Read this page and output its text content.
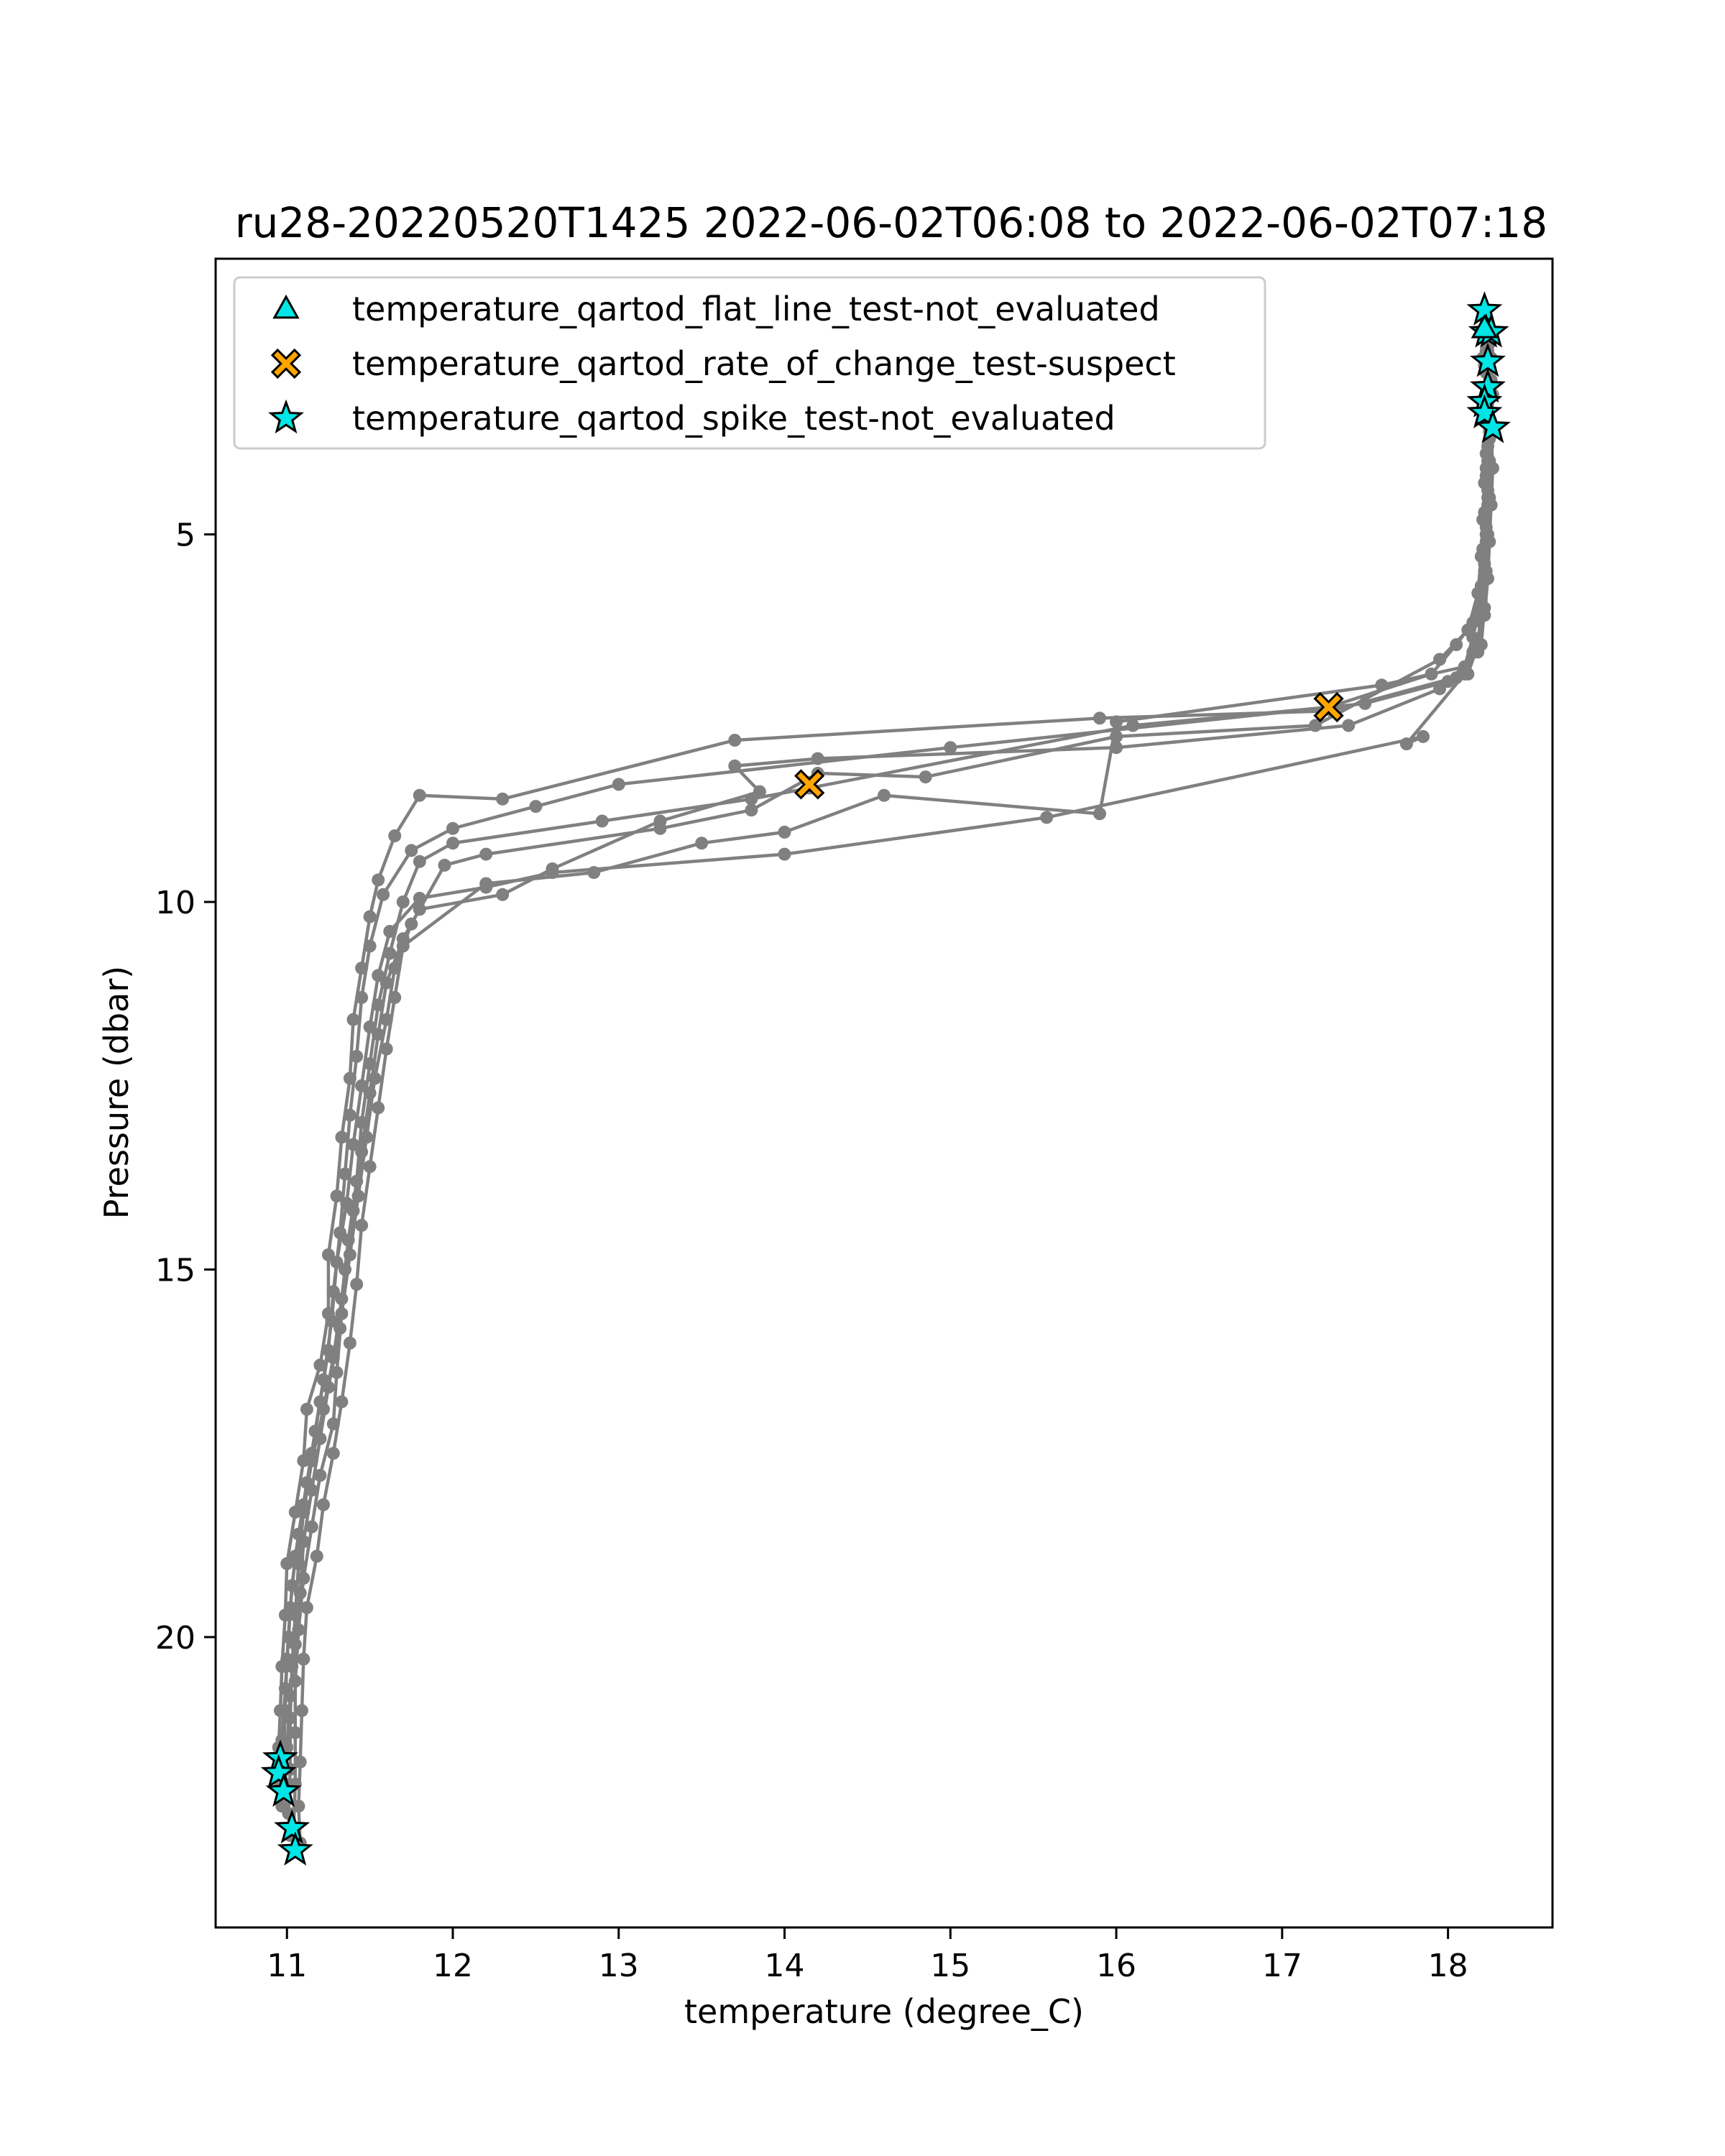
ru28-20220520T1425 2022-06-02T06:08 to 2022-06-02T07:18
11	12	13	14	15	16	17	18
5
10
15
20
temperature (degree_C)
Pressure (dbar)
temperature_qartod_flat_line_test-not_evaluated
temperature_qartod_rate_of_change_test-suspect
temperature_qartod_spike_test-not_evaluated
